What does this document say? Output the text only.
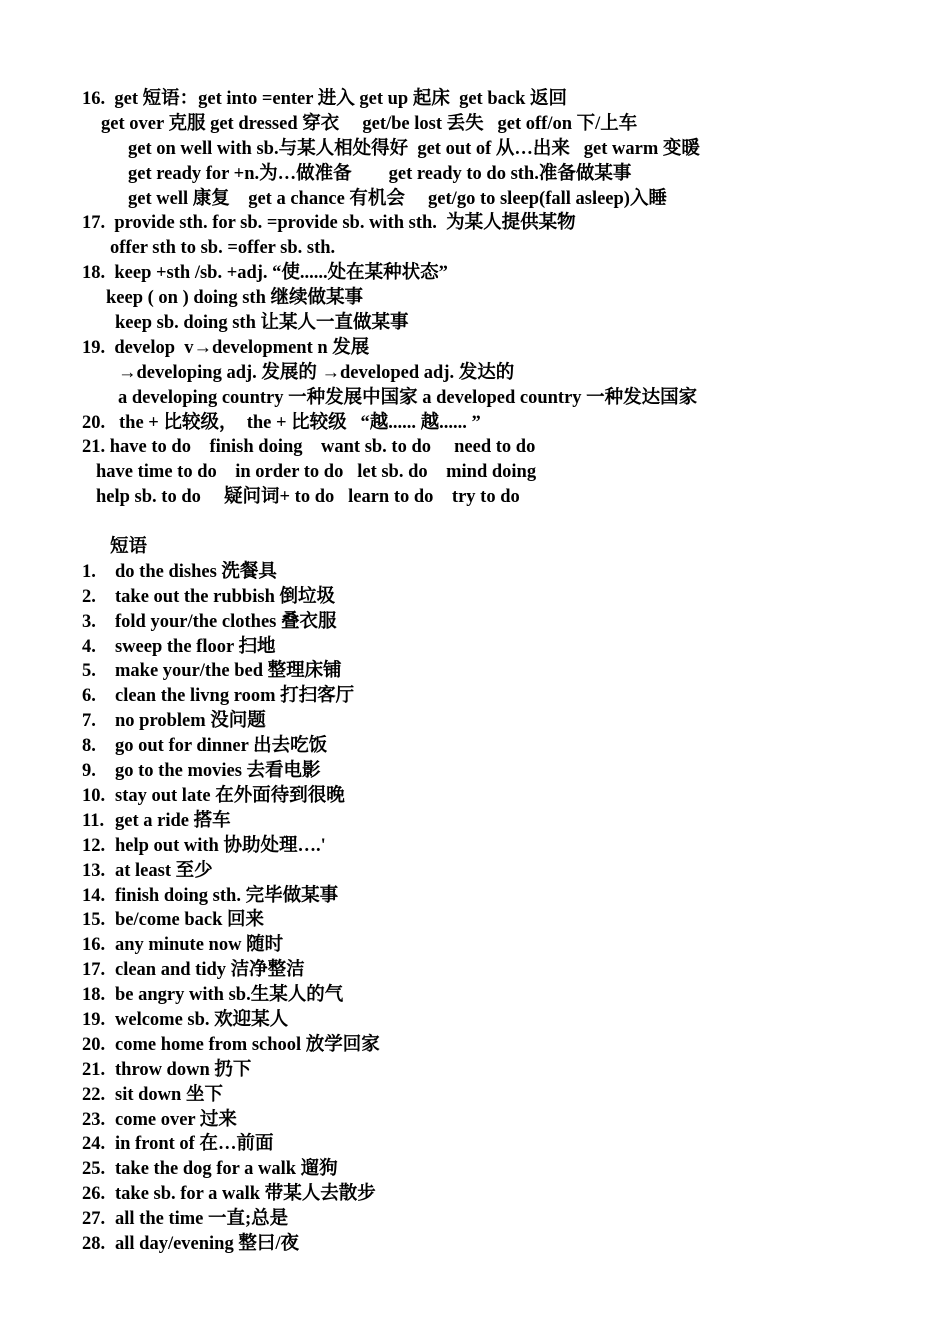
16.  get 短语：get into =enter 进入 get up 起床  get back 返回
get over 克服 get dressed 穿衣     get/be lost 丢失   get off/on 下/上车
get on well with sb.与某人相处得好  get out of 从…出来   get warm 变暖
get ready for +n.为…做准备        get ready to do sth.准备做某事
get well 康复    get a chance 有机会     get/go to sleep(fall asleep)入睡
17.  provide sth. for sb. =provide sb. with sth.  为某人提供某物
offer sth to sb. =offer sb. sth.
18.  keep +sth /sb. +adj. “使......处在某种状态”
keep ( on ) doing sth 继续做某事
keep sb. doing sth 让某人一直做某事
19.  develop  v→development n 发展
→developing adj. 发展的 →developed adj. 发达的
a developing country 一种发展中国家 a developed country 一种发达国家
20.   the + 比较级，  the + 比较级   “越...... 越...... ”
21. have to do    finish doing    want sb. to do     need to do
have time to do    in order to do   let sb. do    mind doing
help sb. to do     疑问词+ to do   learn to do    try to do
短语
1. do the dishes 洗餐具
2. take out the rubbish 倒垃圾
3. fold your/the clothes 叠衣服
4. sweep the floor 扫地
5. make your/the bed 整理床铺
6. clean the livng room 打扫客厅
7. no problem 没问题
8. go out for dinner 出去吃饭
9. go to the movies 去看电影
10. stay out late 在外面待到很晚
11. get a ride 搭车
12. help out with 协助处理….'
13. at least 至少
14. finish doing sth. 完毕做某事
15. be/come back 回来
16. any minute now 随时
17. clean and tidy 洁净整洁
18. be angry with sb.生某人的气
19. welcome sb. 欢迎某人
20. come home from school 放学回家
21. throw down 扔下
22. sit down 坐下
23. come over 过来
24. in front of 在…前面
25. take the dog for a walk 遛狗
26. take sb. for a walk 带某人去散步
27. all the time 一直;总是
28. all day/evening 整曰/夜
